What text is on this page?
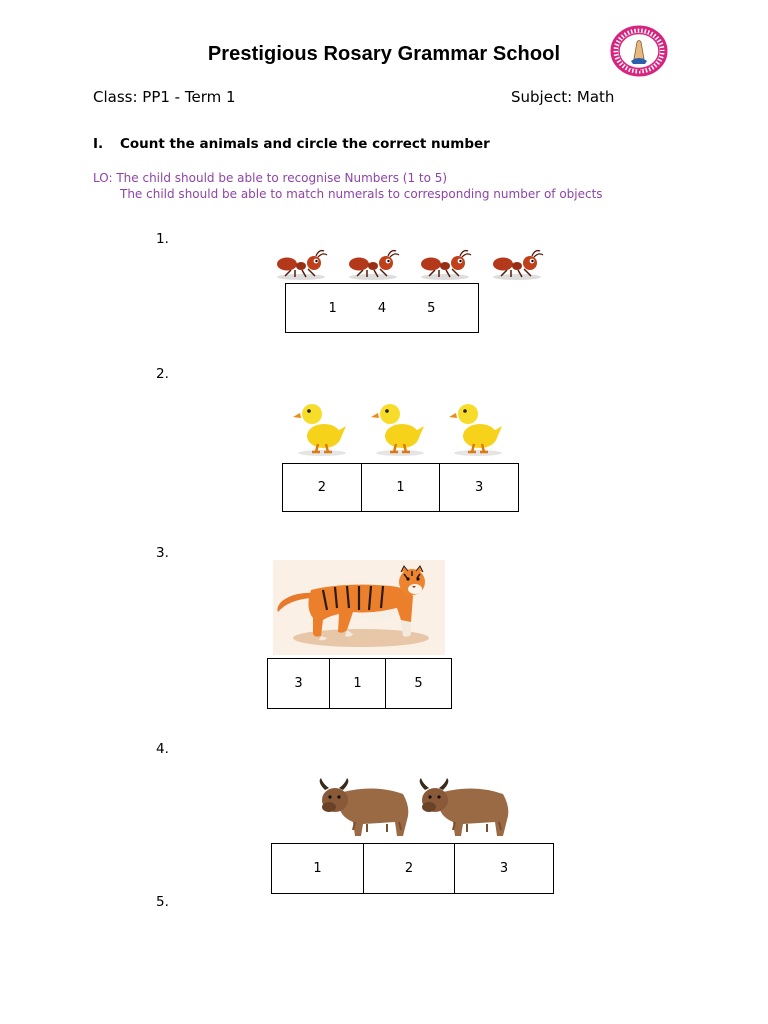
Prestigious Rosary Grammar School
Class: PP1 - Term 1	Subject: Math
I. Count the animals and circle the correct number
LO: The child should be able to recognise Numbers (1 to 5)
The child should be able to match numerals to corresponding number of objects
1.
1	4	5
2.
2	1	3
3.
3	1	5
4.
1	2	3
5.
